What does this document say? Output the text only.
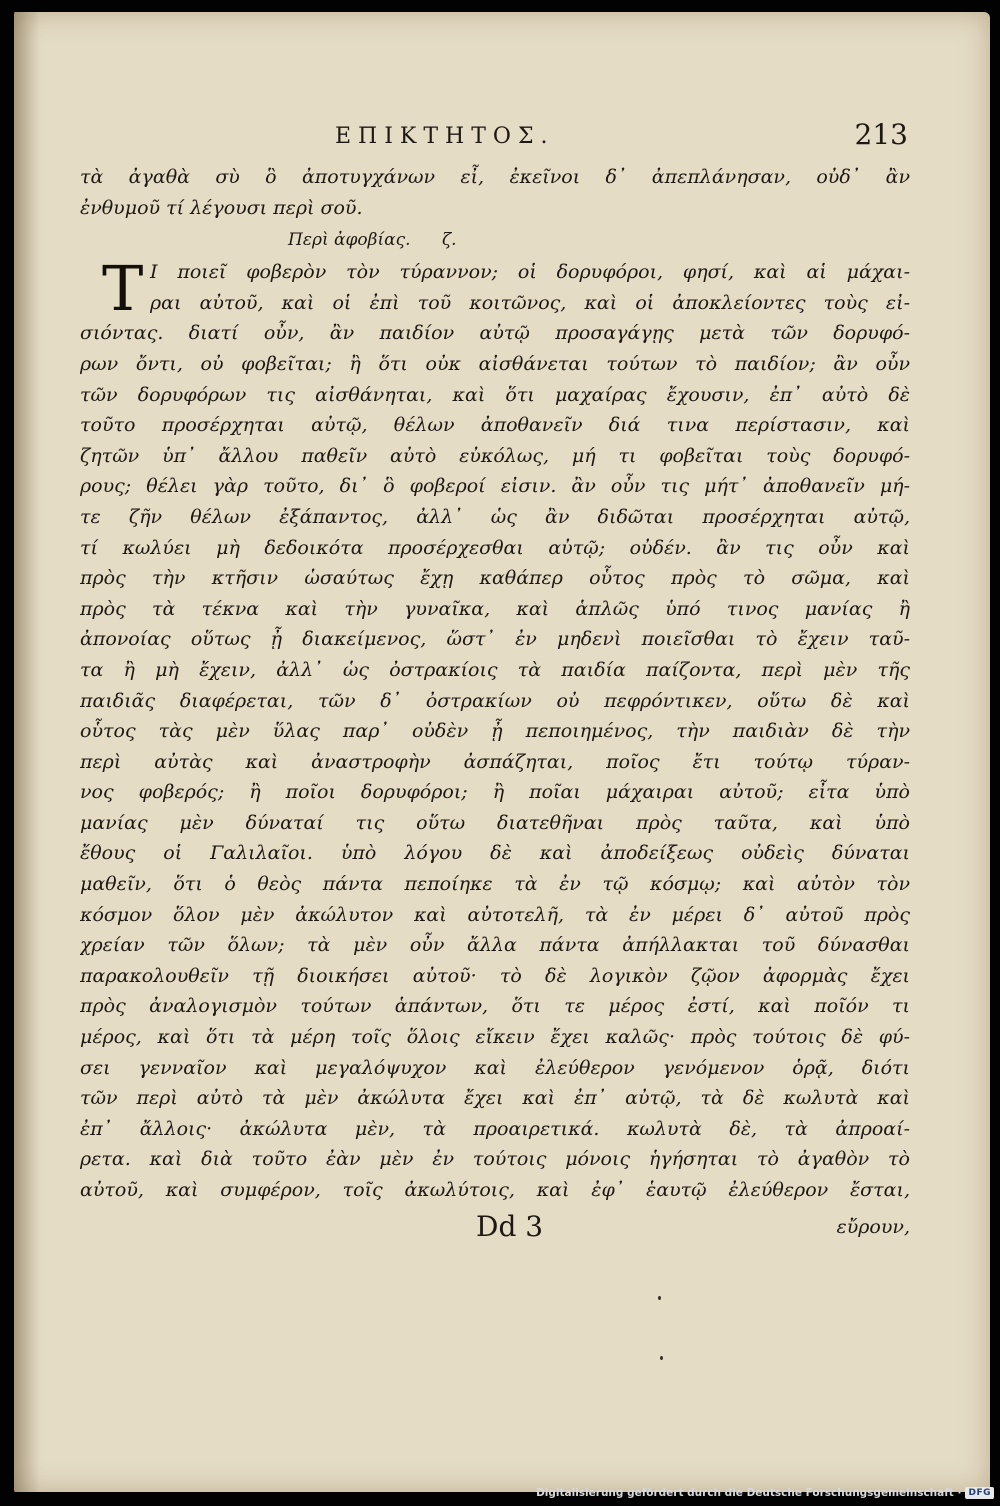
ΕΠΙΚΤΗΤΟΣ.	213
τὰ ἀγαθὰ σὺ ὃ ἀποτυγχάνων εἶ, ἐκεῖνοι δ᾽ ἀπεπλάνησαν, οὐδ᾽ ἂν
ἐνθυμοῦ τί λέγουσι περὶ σοῦ.
Περὶ ἀφοβίας. ζ.
Τ Ι ποιεῖ φοβερὸν τὸν τύραννον; οἱ δορυφόροι, φησί, καὶ αἱ μάχαι-
ραι αὐτοῦ, καὶ οἱ ἐπὶ τοῦ κοιτῶνος, καὶ οἱ ἀποκλείοντες τοὺς εἰ-
σιόντας. διατί οὖν, ἂν παιδίον αὐτῷ προσαγάγῃς μετὰ τῶν δορυφό-
ρων ὄντι, οὐ φοβεῖται; ἢ ὅτι οὐκ αἰσθάνεται τούτων τὸ παιδίον; ἂν οὖν
τῶν δορυφόρων τις αἰσθάνηται, καὶ ὅτι μαχαίρας ἔχουσιν, ἐπ᾽ αὐτὸ δὲ
τοῦτο προσέρχηται αὐτῷ, θέλων ἀποθανεῖν διά τινα περίστασιν, καὶ
ζητῶν ὑπ᾽ ἄλλου παθεῖν αὐτὸ εὐκόλως, μή τι φοβεῖται τοὺς δορυφό-
ρους; θέλει γὰρ τοῦτο, δι᾽ ὃ φοβεροί εἰσιν. ἂν οὖν τις μήτ᾽ ἀποθανεῖν μή-
τε ζῆν θέλων ἐξάπαντος, ἀλλ᾽ ὡς ἂν διδῶται προσέρχηται αὐτῷ,
τί κωλύει μὴ δεδοικότα προσέρχεσθαι αὐτῷ; οὐδέν. ἂν τις οὖν καὶ
πρὸς τὴν κτῆσιν ὡσαύτως ἔχῃ καθάπερ οὗτος πρὸς τὸ σῶμα, καὶ
πρὸς τὰ τέκνα καὶ τὴν γυναῖκα, καὶ ἁπλῶς ὑπό τινος μανίας ἢ
ἀπονοίας οὕτως ᾖ διακείμενος, ὥστ᾽ ἐν μηδενὶ ποιεῖσθαι τὸ ἔχειν ταῦ-
τα ἢ μὴ ἔχειν, ἀλλ᾽ ὡς ὀστρακίοις τὰ παιδία παίζοντα, περὶ μὲν τῆς
παιδιᾶς διαφέρεται, τῶν δ᾽ ὀστρακίων οὐ πεφρόντικεν, οὕτω δὲ καὶ
οὗτος τὰς μὲν ὕλας παρ᾽ οὐδὲν ᾖ πεποιημένος, τὴν παιδιὰν δὲ τὴν
περὶ αὐτὰς καὶ ἀναστροφὴν ἀσπάζηται, ποῖος ἔτι τούτῳ τύραν-
νος φοβερός; ἢ ποῖοι δορυφόροι; ἢ ποῖαι μάχαιραι αὐτοῦ; εἶτα ὑπὸ
μανίας μὲν δύναταί τις οὕτω διατεθῆναι πρὸς ταῦτα, καὶ ὑπὸ
ἔθους οἱ Γαλιλαῖοι. ὑπὸ λόγου δὲ καὶ ἀποδείξεως οὐδεὶς δύναται
μαθεῖν, ὅτι ὁ θεὸς πάντα πεποίηκε τὰ ἐν τῷ κόσμῳ; καὶ αὐτὸν τὸν
κόσμον ὅλον μὲν ἀκώλυτον καὶ αὐτοτελῆ, τὰ ἐν μέρει δ᾽ αὐτοῦ πρὸς
χρείαν τῶν ὅλων; τὰ μὲν οὖν ἄλλα πάντα ἀπήλλακται τοῦ δύνασθαι
παρακολουθεῖν τῇ διοικήσει αὐτοῦ· τὸ δὲ λογικὸν ζῷον ἀφορμὰς ἔχει
πρὸς ἀναλογισμὸν τούτων ἁπάντων, ὅτι τε μέρος ἐστί, καὶ ποῖόν τι
μέρος, καὶ ὅτι τὰ μέρη τοῖς ὅλοις εἴκειν ἔχει καλῶς· πρὸς τούτοις δὲ φύ-
σει γενναῖον καὶ μεγαλόψυχον καὶ ἐλεύθερον γενόμενον ὁρᾷ, διότι
τῶν περὶ αὐτὸ τὰ μὲν ἀκώλυτα ἔχει καὶ ἐπ᾽ αὐτῷ, τὰ δὲ κωλυτὰ καὶ
ἐπ᾽ ἄλλοις· ἀκώλυτα μὲν, τὰ προαιρετικά. κωλυτὰ δὲ, τὰ ἀπροαί-
ρετα. καὶ διὰ τοῦτο ἐὰν μὲν ἐν τούτοις μόνοις ἡγήσηται τὸ ἀγαθὸν τὸ
αὐτοῦ, καὶ συμφέρον, τοῖς ἀκωλύτοις, καὶ ἐφ᾽ ἑαυτῷ ἐλεύθερον ἔσται,
Dd 3	εὔρουν,
Digitalisierung gefördert durch die Deutsche Forschungsgemeinschaft · DFG
